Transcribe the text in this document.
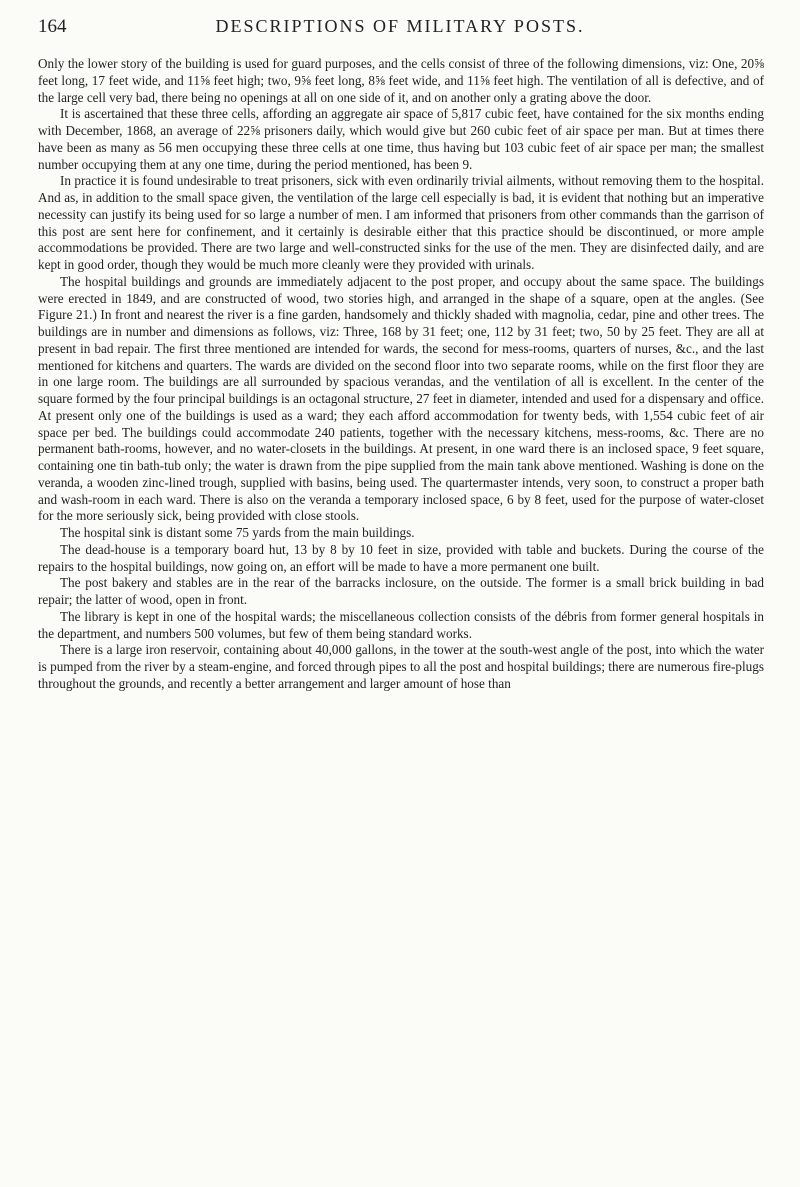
164	DESCRIPTIONS OF MILITARY POSTS.

Only the lower story of the building is used for guard purposes, and the cells consist of three of the following dimensions, viz: One, 20⅝ feet long, 17 feet wide, and 11⅝ feet high; two, 9⅝ feet long, 8⅝ feet wide, and 11⅝ feet high. The ventilation of all is defective, and of the large cell very bad, there being no openings at all on one side of it, and on another only a grating above the door.

It is ascertained that these three cells, affording an aggregate air space of 5,817 cubic feet, have contained for the six months ending with December, 1868, an average of 22⅝ prisoners daily, which would give but 260 cubic feet of air space per man. But at times there have been as many as 56 men occupying these three cells at one time, thus having but 103 cubic feet of air space per man; the smallest number occupying them at any one time, during the period mentioned, has been 9.

In practice it is found undesirable to treat prisoners, sick with even ordinarily trivial ailments, without removing them to the hospital. And as, in addition to the small space given, the ventilation of the large cell especially is bad, it is evident that nothing but an imperative necessity can justify its being used for so large a number of men. I am informed that prisoners from other commands than the garrison of this post are sent here for confinement, and it certainly is desirable either that this practice should be discontinued, or more ample accommodations be provided. There are two large and well-constructed sinks for the use of the men. They are disinfected daily, and are kept in good order, though they would be much more cleanly were they provided with urinals.

The hospital buildings and grounds are immediately adjacent to the post proper, and occupy about the same space. The buildings were erected in 1849, and are constructed of wood, two stories high, and arranged in the shape of a square, open at the angles. (See Figure 21.) In front and nearest the river is a fine garden, handsomely and thickly shaded with magnolia, cedar, pine and other trees. The buildings are in number and dimensions as follows, viz: Three, 168 by 31 feet; one, 112 by 31 feet; two, 50 by 25 feet. They are all at present in bad repair. The first three mentioned are intended for wards, the second for mess-rooms, quarters of nurses, &c., and the last mentioned for kitchens and quarters. The wards are divided on the second floor into two separate rooms, while on the first floor they are in one large room. The buildings are all surrounded by spacious verandas, and the ventilation of all is excellent. In the center of the square formed by the four principal buildings is an octagonal structure, 27 feet in diameter, intended and used for a dispensary and office. At present only one of the buildings is used as a ward; they each afford accommodation for twenty beds, with 1,554 cubic feet of air space per bed. The buildings could accommodate 240 patients, together with the necessary kitchens, mess-rooms, &c. There are no permanent bath-rooms, however, and no water-closets in the buildings. At present, in one ward there is an inclosed space, 9 feet square, containing one tin bath-tub only; the water is drawn from the pipe supplied from the main tank above mentioned. Washing is done on the veranda, a wooden zinc-lined trough, supplied with basins, being used. The quartermaster intends, very soon, to construct a proper bath and wash-room in each ward. There is also on the veranda a temporary inclosed space, 6 by 8 feet, used for the purpose of water-closet for the more seriously sick, being provided with close stools.

The hospital sink is distant some 75 yards from the main buildings.

The dead-house is a temporary board hut, 13 by 8 by 10 feet in size, provided with table and buckets. During the course of the repairs to the hospital buildings, now going on, an effort will be made to have a more permanent one built.

The post bakery and stables are in the rear of the barracks inclosure, on the outside. The former is a small brick building in bad repair; the latter of wood, open in front.

The library is kept in one of the hospital wards; the miscellaneous collection consists of the débris from former general hospitals in the department, and numbers 500 volumes, but few of them being standard works.

There is a large iron reservoir, containing about 40,000 gallons, in the tower at the south-west angle of the post, into which the water is pumped from the river by a steam-engine, and forced through pipes to all the post and hospital buildings; there are numerous fire-plugs throughout the grounds, and recently a better arrangement and larger amount of hose than
